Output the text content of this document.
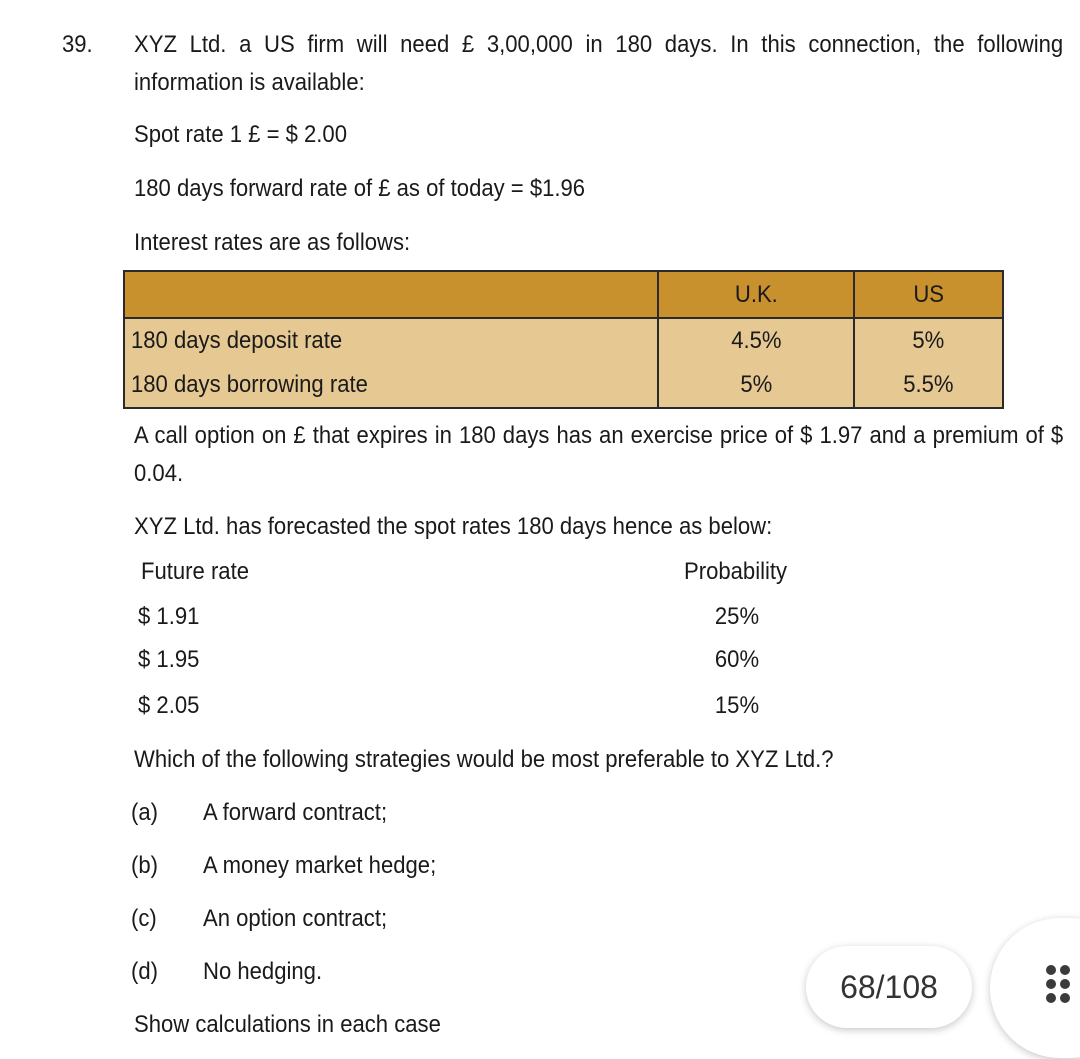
39. XYZ Ltd. a US firm will need £ 3,00,000 in 180 days. In this connection, the following information is available:
Spot rate 1 £ = $ 2.00
180 days forward rate of £ as of today = $1.96
Interest rates are as follows:
	U.K.	US
180 days deposit rate	4.5%	5%
180 days borrowing rate	5%	5.5%
A call option on £ that expires in 180 days has an exercise price of $ 1.97 and a premium of $ 0.04.
XYZ Ltd. has forecasted the spot rates 180 days hence as below:
Future rate	Probability
$ 1.91	25%
$ 1.95	60%
$ 2.05	15%
Which of the following strategies would be most preferable to XYZ Ltd.?
(a) A forward contract;
(b) A money market hedge;
(c) An option contract;
(d) No hedging.
Show calculations in each case
68/108
